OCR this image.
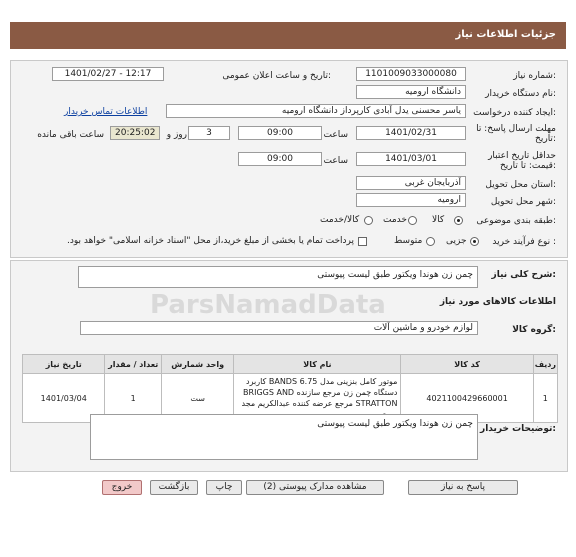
جزئیات اطلاعات نیاز
شماره نیاز:
1101009033000080
تاریخ و ساعت اعلان عمومی:
1401/02/27 - 12:17
نام دستگاه خریدار:
دانشگاه ارومیه
ایجاد کننده درخواست:
یاسر محسنی یدل آبادی کارپرداز دانشگاه ارومیه
اطلاعات تماس خریدار
مهلت ارسال پاسخ: تا تاریخ:
1401/02/31
ساعت
09:00
روز و	3
20:25:02
ساعت باقی مانده
حداقل تاریخ اعتبار قیمت: تا تاریخ:
1401/03/01
ساعت
09:00
استان محل تحویل:
آذربایجان غربی
شهر محل تحویل:
ارومیه
طبقه بندی موضوعی:
کالا
خدمت
کالا/خدمت
نوع فرآیند خرید :
جزیی
متوسط
پرداخت تمام یا بخشی از مبلغ خرید،از محل "اسناد خزانه اسلامی" خواهد بود.
شرح کلی نیاز:
چمن زن هوندا ویکتور طبق لیست پیوستی
اطلاعات کالاهای مورد نیاز
گروه کالا:
لوازم خودرو و ماشین آلات
تاریخ نیاز	تعداد / مقدار	واحد شمارش	نام کالا	کد کالا	ردیف
1401/03/04	1	ست	موتور کامل بنزینی مدل BANDS 6.75 کاربرد دستگاه چمن زن مرجع سازنده BRIGGS AND STRATTON مرجع عرضه کننده عبدالکریم مجد	4021100429660001	1
توضیحات خریدار:
چمن زن هوندا ویکتور طبق لیست پیوستی
ParsNamadData
پاسخ به نیاز
مشاهده مدارک پیوستی (2)
چاپ
بازگشت
خروج
